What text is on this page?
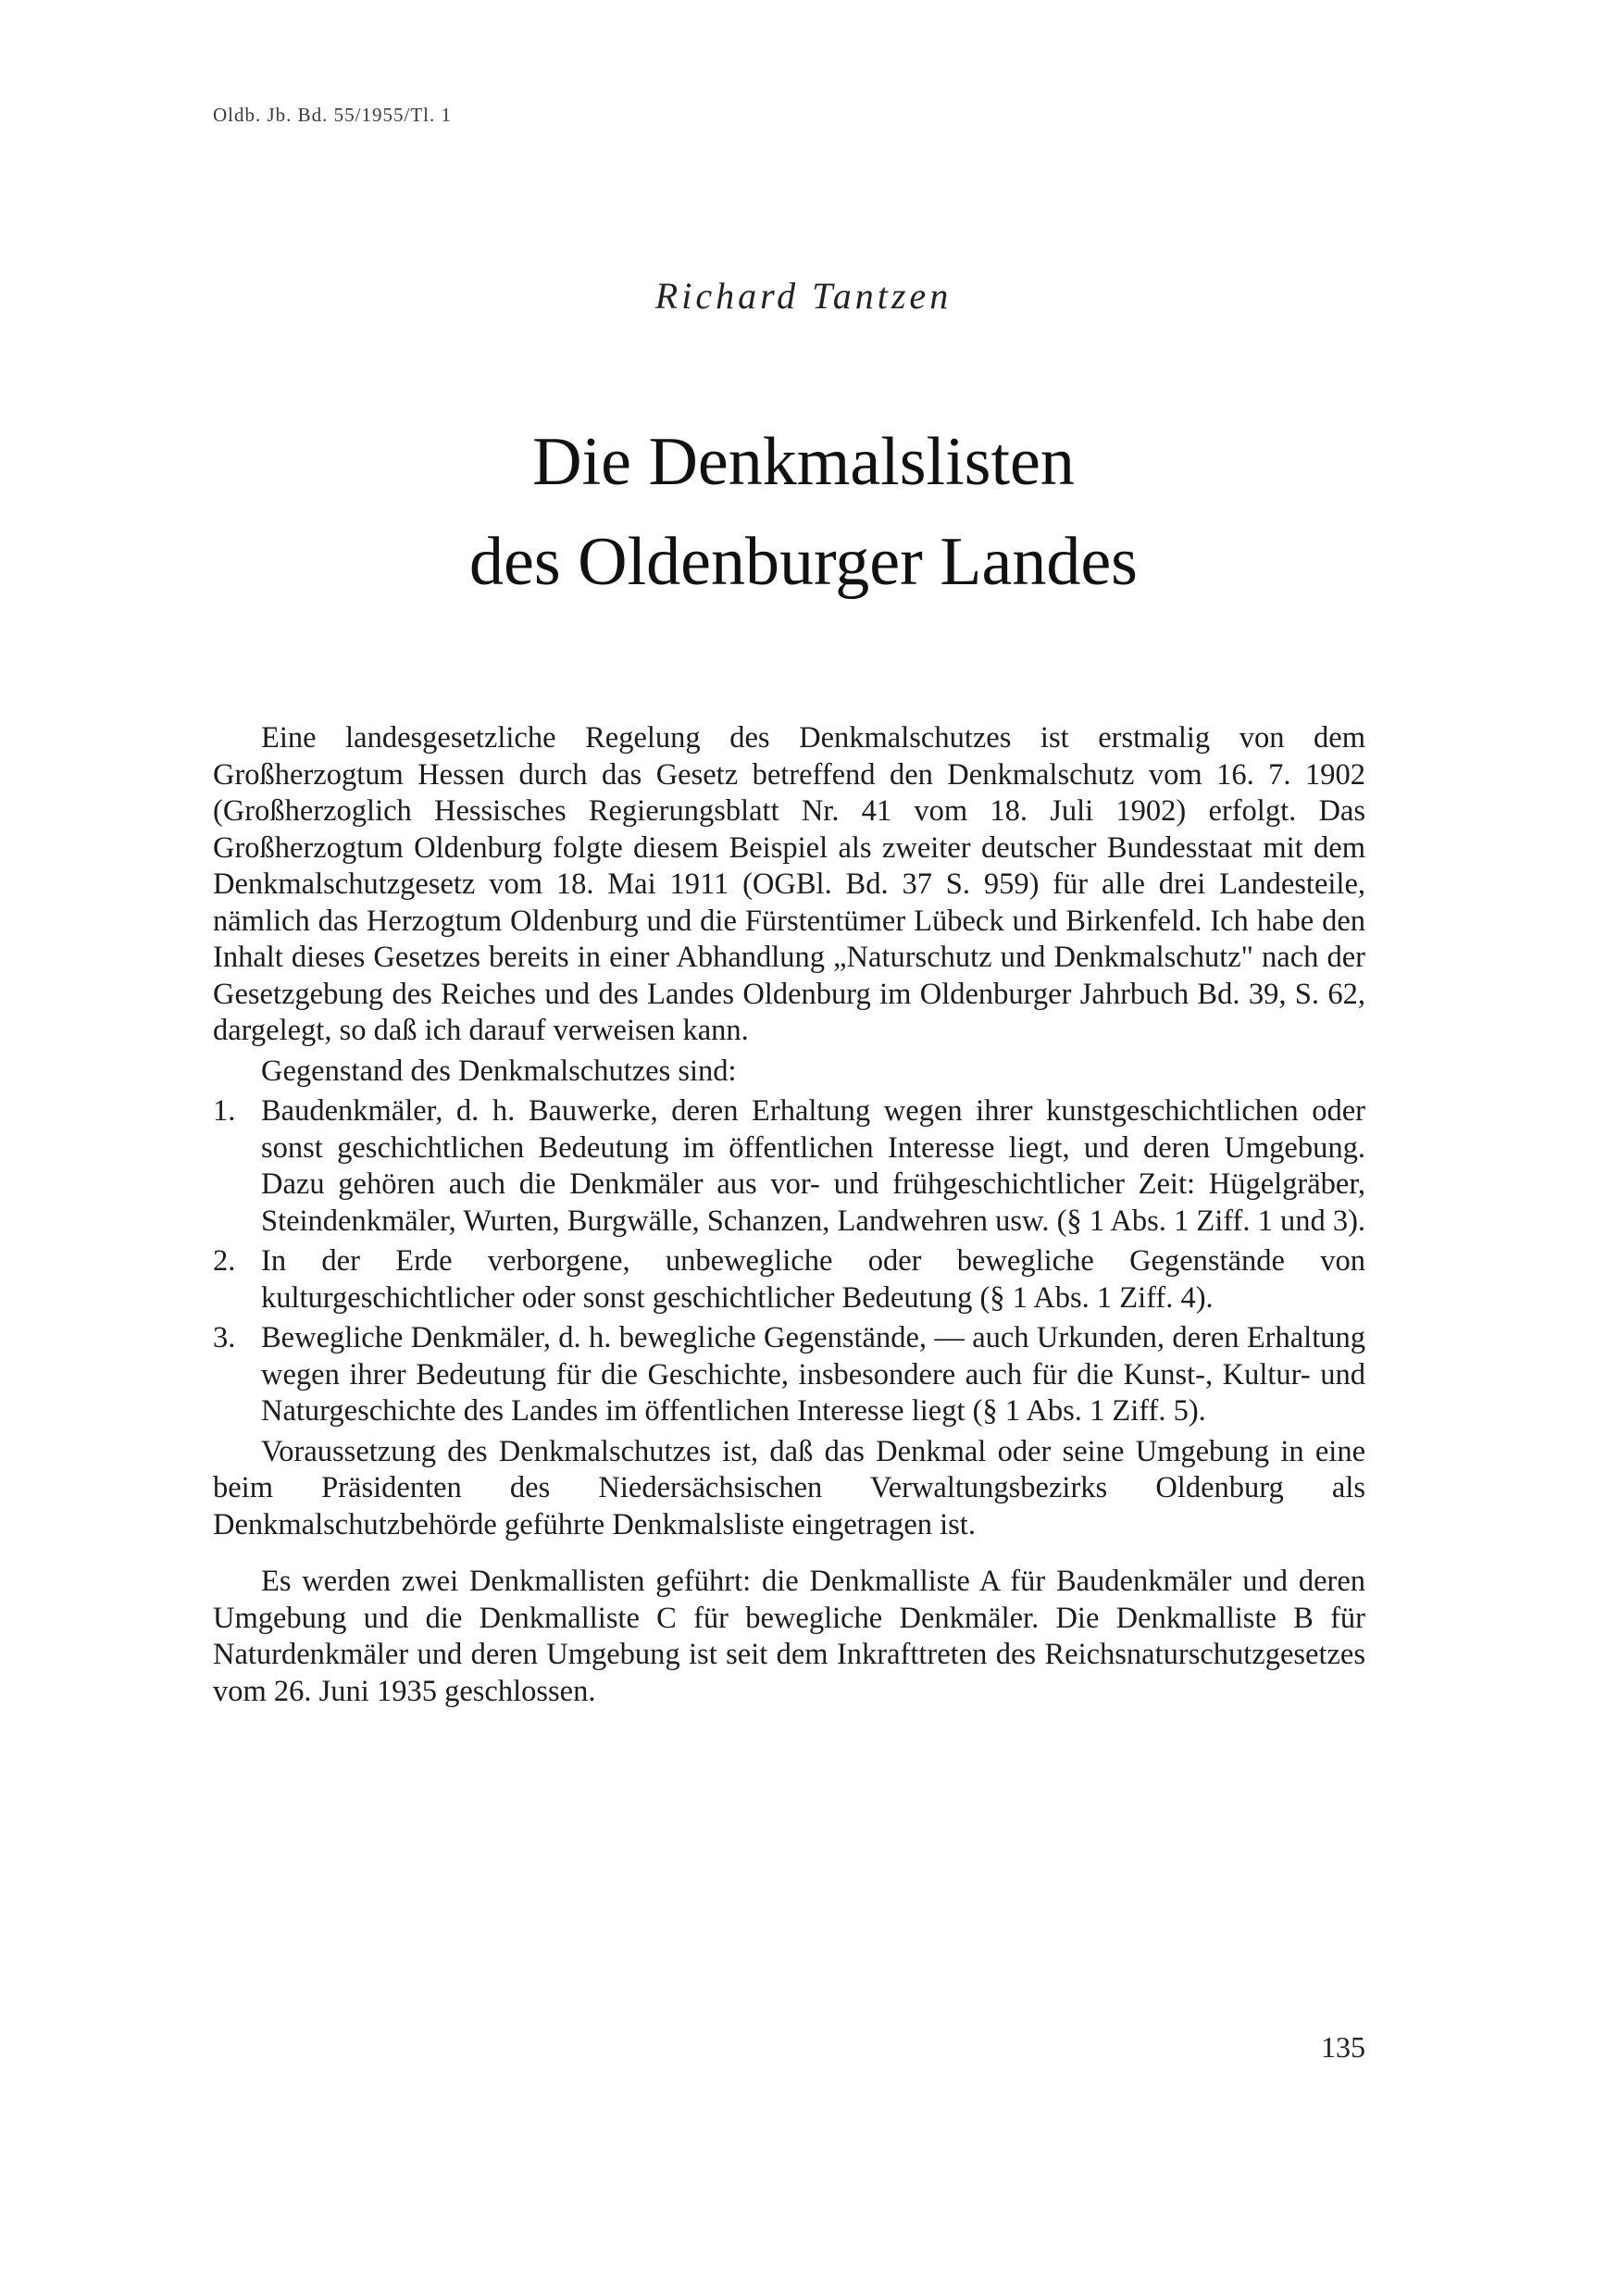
Oldb. Jb. Bd. 55/1955/Tl. 1
Richard Tantzen
Die Denkmalslisten
des Oldenburger Landes

Eine landesgesetzliche Regelung des Denkmalschutzes ist erstmalig von dem Großherzogtum Hessen durch das Gesetz betreffend den Denkmalschutz vom 16. 7. 1902 (Großherzoglich Hessisches Regierungsblatt Nr. 41 vom 18. Juli 1902) erfolgt. Das Großherzogtum Oldenburg folgte diesem Beispiel als zweiter deutscher Bundesstaat mit dem Denkmalschutzgesetz vom 18. Mai 1911 (OGBl. Bd. 37 S. 959) für alle drei Landesteile, nämlich das Herzogtum Oldenburg und die Fürstentümer Lübeck und Birkenfeld. Ich habe den Inhalt dieses Gesetzes bereits in einer Abhandlung „Naturschutz und Denkmalschutz" nach der Gesetzgebung des Reiches und des Landes Oldenburg im Oldenburger Jahrbuch Bd. 39, S. 62, dargelegt, so daß ich darauf verweisen kann.

Gegenstand des Denkmalschutzes sind:

1. Baudenkmäler, d. h. Bauwerke, deren Erhaltung wegen ihrer kunstgeschichtlichen oder sonst geschichtlichen Bedeutung im öffentlichen Interesse liegt, und deren Umgebung. Dazu gehören auch die Denkmäler aus vor- und frühgeschichtlicher Zeit: Hügelgräber, Steindenkmäler, Wurten, Burgwälle, Schanzen, Landwehren usw. (§ 1 Abs. 1 Ziff. 1 und 3).
2. In der Erde verborgene, unbewegliche oder bewegliche Gegenstände von kulturgeschichtlicher oder sonst geschichtlicher Bedeutung (§ 1 Abs. 1 Ziff. 4).
3. Bewegliche Denkmäler, d. h. bewegliche Gegenstände, — auch Urkunden, deren Erhaltung wegen ihrer Bedeutung für die Geschichte, insbesondere auch für die Kunst-, Kultur- und Naturgeschichte des Landes im öffentlichen Interesse liegt (§ 1 Abs. 1 Ziff. 5).

Voraussetzung des Denkmalschutzes ist, daß das Denkmal oder seine Umgebung in eine beim Präsidenten des Niedersächsischen Verwaltungsbezirks Oldenburg als Denkmalschutzbehörde geführte Denkmalsliste eingetragen ist.

Es werden zwei Denkmallisten geführt: die Denkmalliste A für Baudenkmäler und deren Umgebung und die Denkmalliste C für bewegliche Denkmäler. Die Denkmalliste B für Naturdenkmäler und deren Umgebung ist seit dem Inkrafttreten des Reichsnaturschutzgesetzes vom 26. Juni 1935 geschlossen.

135
